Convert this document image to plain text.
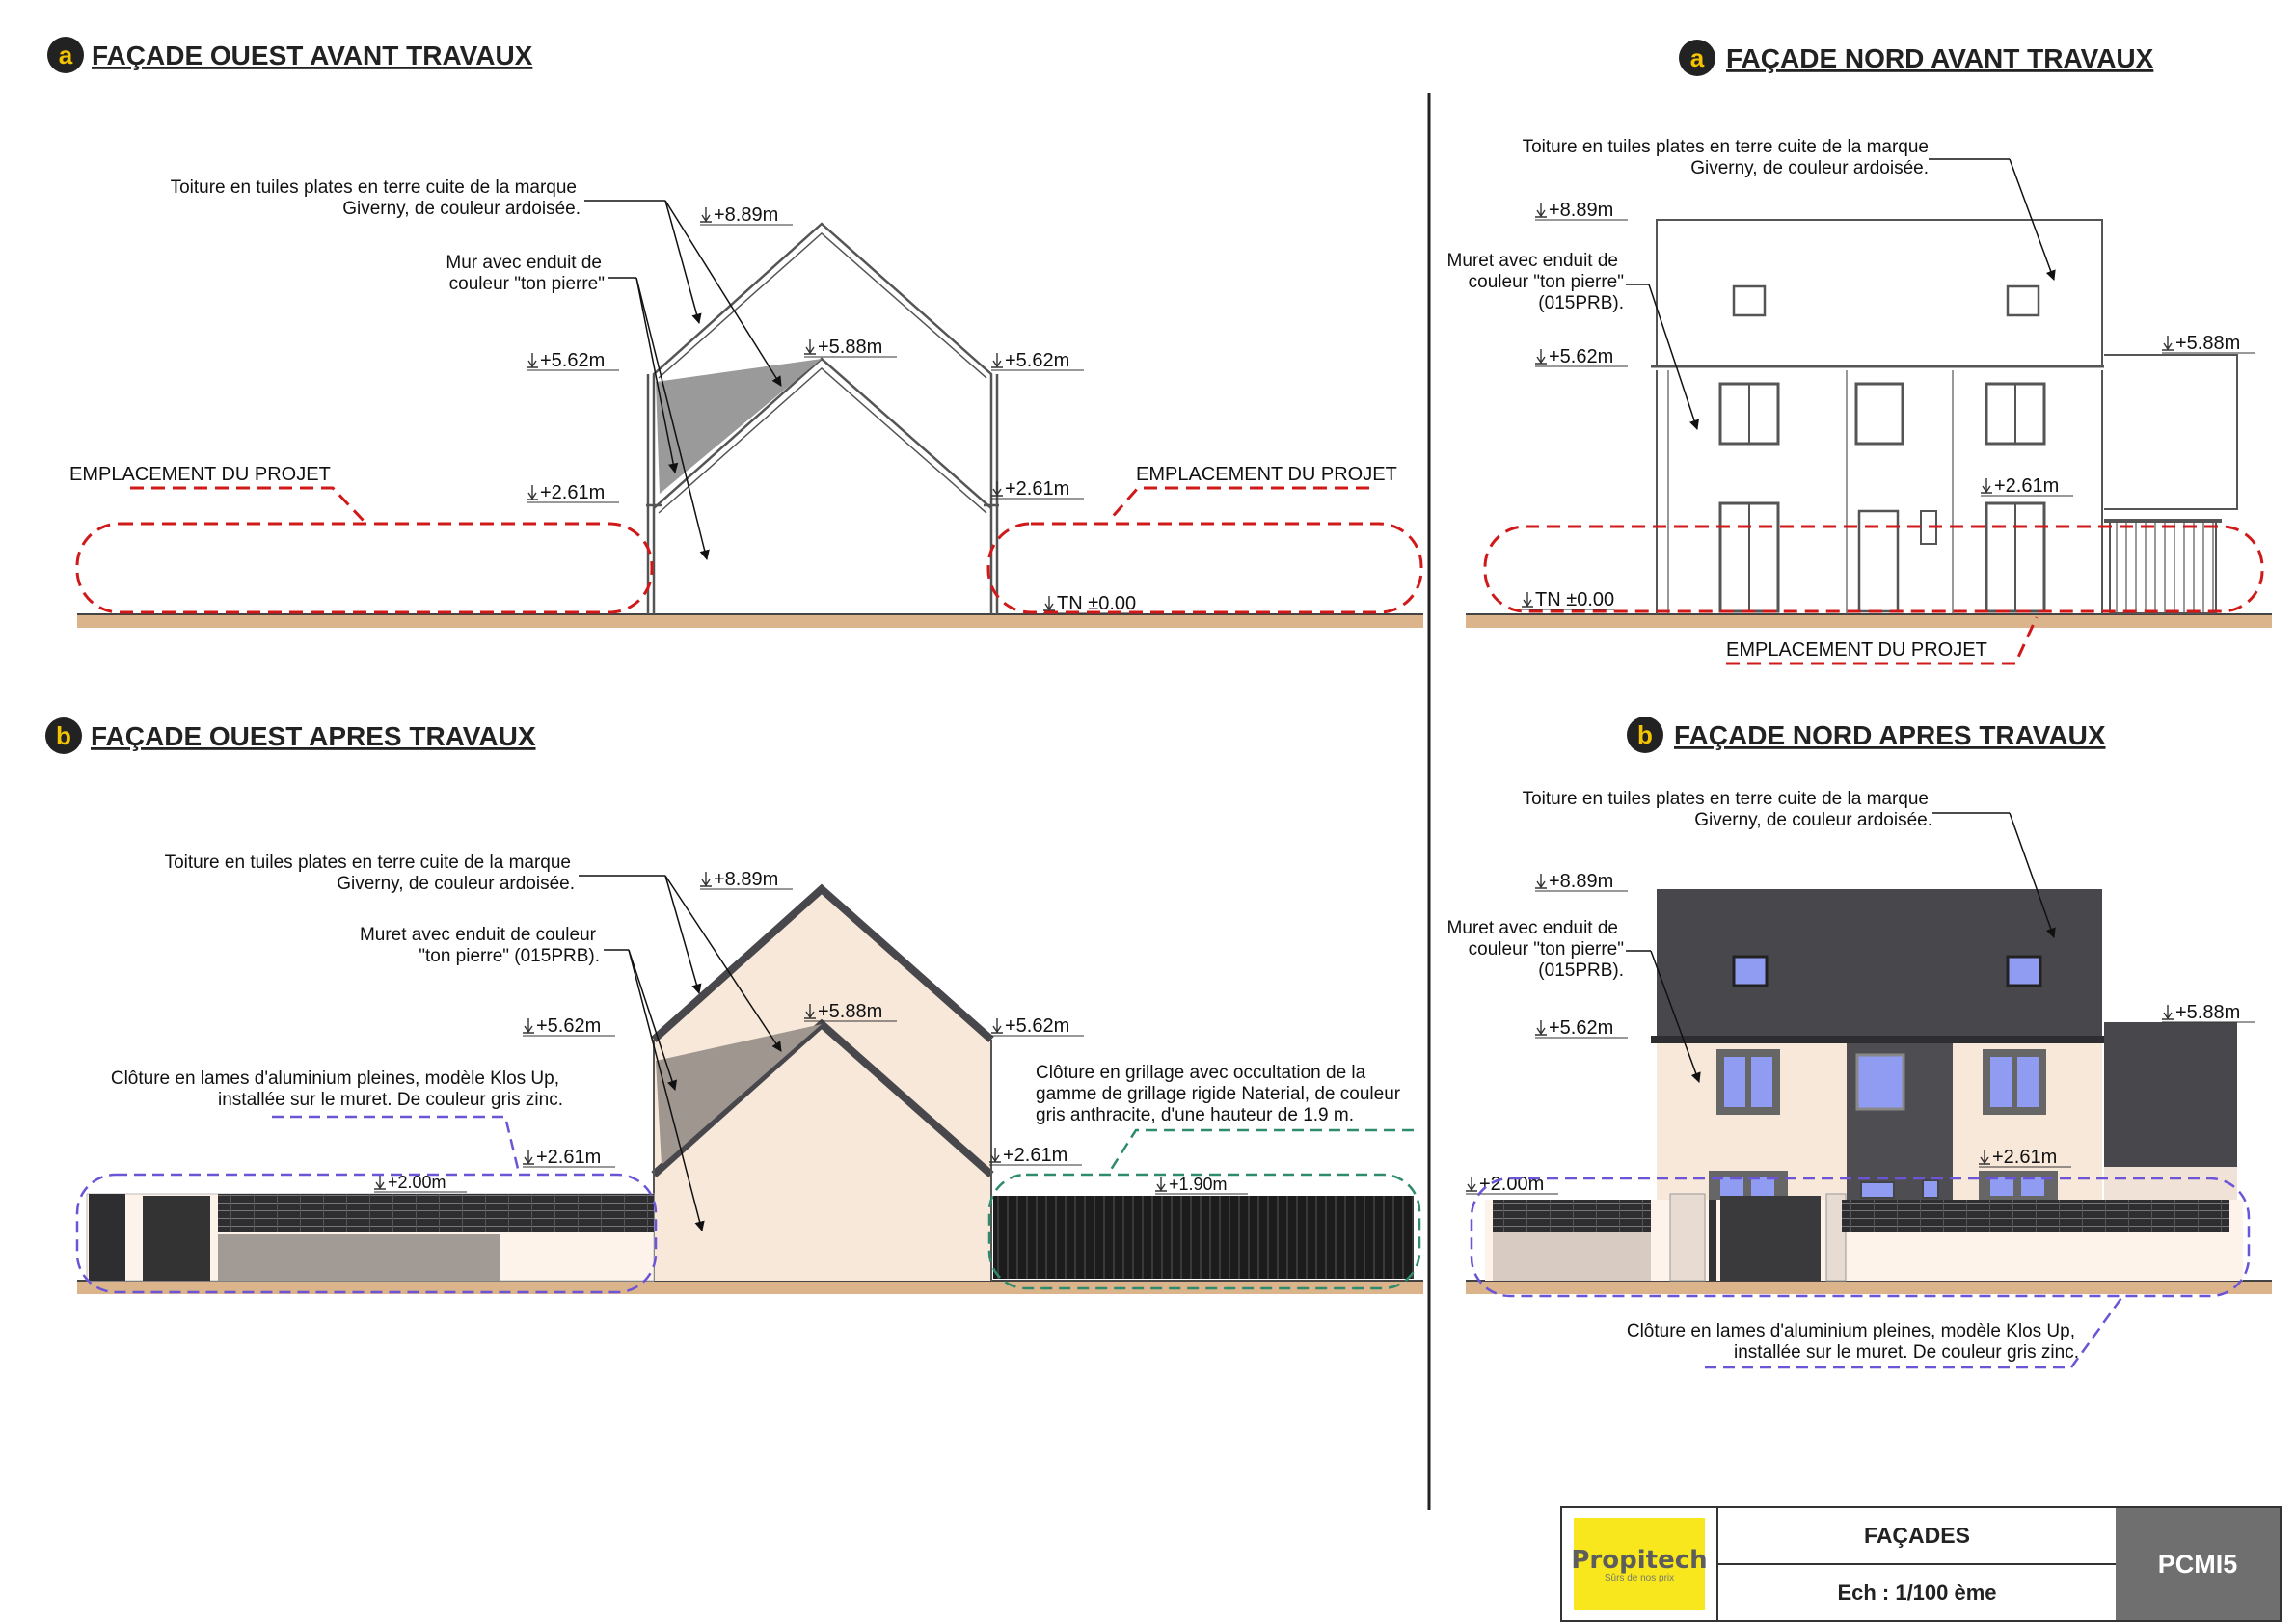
a FAÇADE OUEST AVANT TRAVAUX
+8.89m
+5.88m
+5.62m	+5.62m
+2.61m	+2.61m
TN ±0.00
Toiture en tuiles plates en terre cuite de la marque
Giverny, de couleur ardoisée.
Mur avec enduit de
couleur "ton pierre"
EMPLACEMENT DU PROJET	EMPLACEMENT DU PROJET
a FAÇADE NORD AVANT TRAVAUX
+8.89m
+5.62m
+5.88m
+2.61m
TN ±0.00
Toiture en tuiles plates en terre cuite de la marque
Giverny, de couleur ardoisée.
Muret avec enduit de
couleur "ton pierre"
(015PRB).
EMPLACEMENT DU PROJET
b FAÇADE OUEST APRES TRAVAUX
+8.89m
+5.88m
+5.62m	+5.62m
+2.61m	+2.61m
+2.00m	+1.90m
Toiture en tuiles plates en terre cuite de la marque
Giverny, de couleur ardoisée.
Muret avec enduit de couleur
"ton pierre" (015PRB).
Clôture en lames d'aluminium pleines, modèle Klos Up,
installée sur le muret. De couleur gris zinc.
Clôture en grillage avec occultation de la
gamme de grillage rigide Naterial, de couleur
gris anthracite, d'une hauteur de 1.9 m.
b FAÇADE NORD APRES TRAVAUX
+8.89m
+5.62m
+5.88m
+2.61m
+2.00m
Toiture en tuiles plates en terre cuite de la marque
Giverny, de couleur ardoisée.
Muret avec enduit de
couleur "ton pierre"
(015PRB).
Clôture en lames d'aluminium pleines, modèle Klos Up,
installée sur le muret. De couleur gris zinc.
Propitech
Sûrs de nos prix
FAÇADES
Ech : 1/100 ème
PCMI5
